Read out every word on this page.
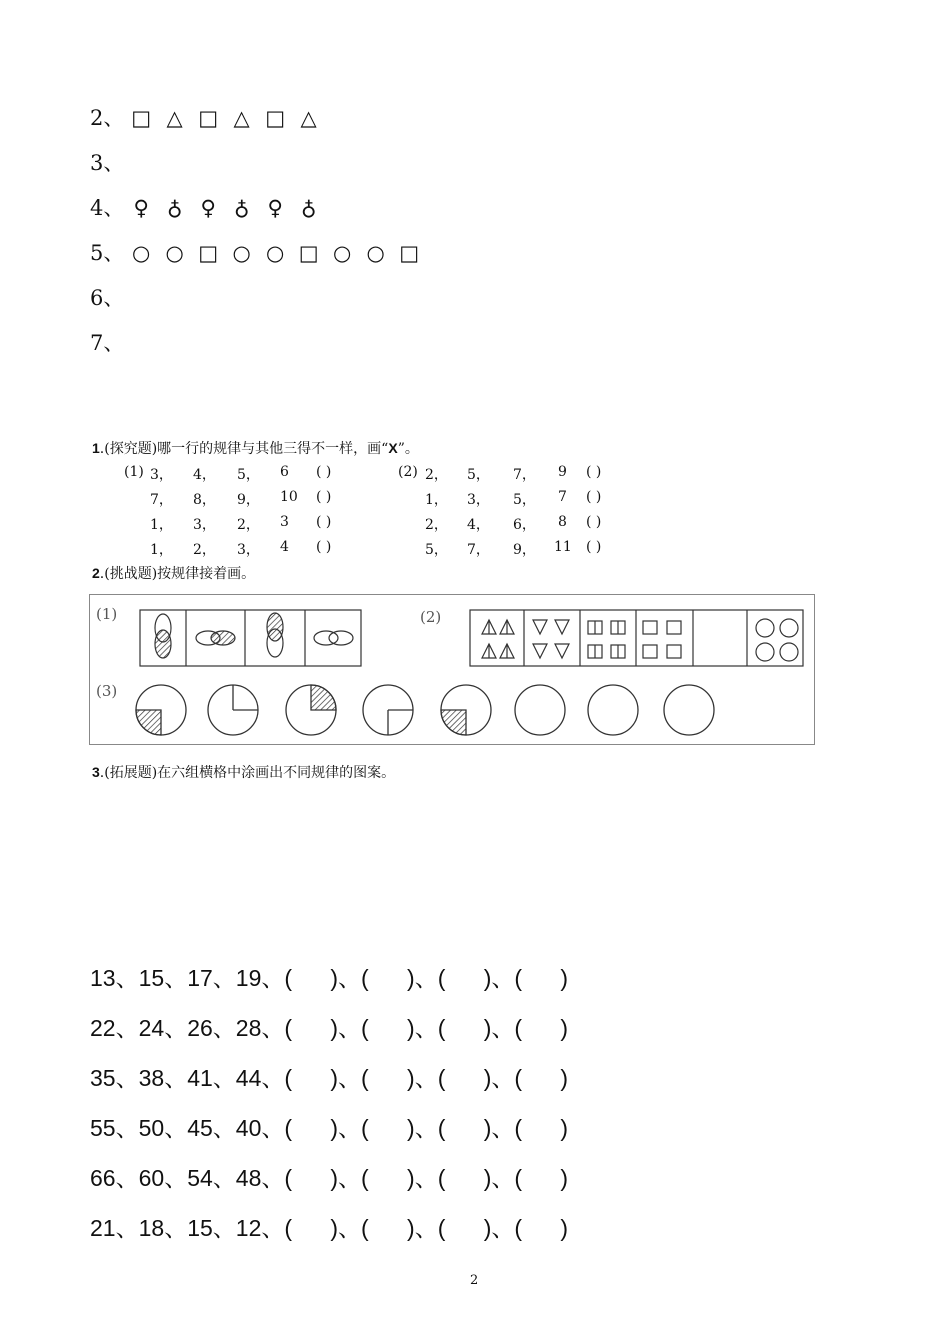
2、 □ △ □ △ □ △
3、
4、 ♀ ♁ ♀ ♁ ♀ ♁
5、 ○ ○ □ ○ ○ □ ○ ○ □
6、
7、
1.(探究题)哪一行的规律与其他三得不一样，画“X”。
(1)	(2)
3， 4， 5， 6 ( )
7， 8， 9， 10 ( )
1， 3， 2， 3 ( )
1， 2， 3， 4 ( )
2， 5， 7， 9 ( )
1， 3， 5， 7 ( )
2， 4， 6， 8 ( )
5， 7， 9， 11 ( )
2.(挑战题)按规律接着画。
(1)	(2)
(3)
3.(拓展题)在六组横格中涂画出不同规律的图案。
13、15、17、19、(      )、(      )、(      )、(      )
22、24、26、28、(      )、(      )、(      )、(      )
35、38、41、44、(      )、(      )、(      )、(      )
55、50、45、40、(      )、(      )、(      )、(      )
66、60、54、48、(      )、(      )、(      )、(      )
21、18、15、12、(      )、(      )、(      )、(      )
2
